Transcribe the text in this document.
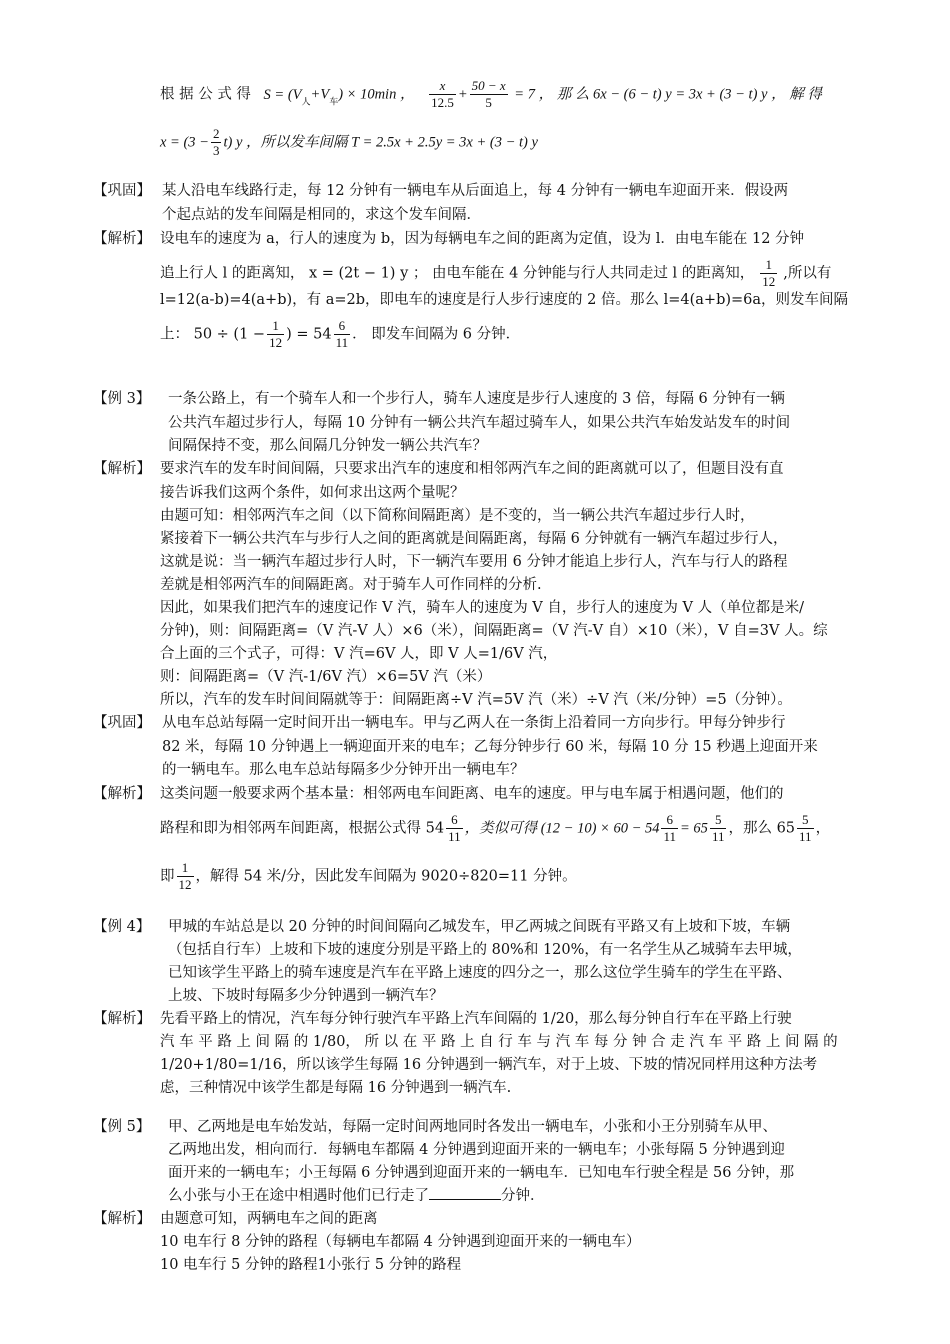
根 据 公 式 得 $S = (V_人+V_车) \times 10\min$ ， $\frac{x}{12.5} + \frac{50 - x}{5} = 7$ ， 那 么 6x − (6 − t) y = 3x + (3 − t) y ， 解 得
$x = (3 - \frac{2}{3} t)$ y ，所以发车间隔 T = 2.5x + 2.5y = 3x + (3 − t) y
【巩固】 某人沿电车线路行走，每 12 分钟有一辆电车从后面追上，每 4 分钟有一辆电车迎面开来．假设两
个起点站的发车间隔是相同的，求这个发车间隔．
【解析】 设电车的速度为 a，行人的速度为 b，因为每辆电车之间的距离为定值，设为 l．由电车能在 12 分钟
追上行人 l 的距离知， x = (2t − 1) y ； 由电车能在 4 分钟能与行人共同走过 l 的距离知， $\frac{1}{12}$ ,所以有
l=12(a-b)=4(a+b)，有 a=2b，即电车的速度是行人步行速度的 2 倍。那么 l=4(a+b)=6a，则发车间隔
上： $50 \div (1 - \frac{1}{12}$ ) = $54 \frac{6}{11}$ ． 即发车间隔为 6 分钟．
【例 3】 一条公路上，有一个骑车人和一个步行人，骑车人速度是步行人速度的 3 倍，每隔 6 分钟有一辆
公共汽车超过步行人，每隔 10 分钟有一辆公共汽车超过骑车人，如果公共汽车始发站发车的时间
间隔保持不变，那么间隔几分钟发一辆公共汽车？
【解析】 要求汽车的发车时间间隔，只要求出汽车的速度和相邻两汽车之间的距离就可以了，但题目没有直
接告诉我们这两个条件，如何求出这两个量呢？
由题可知：相邻两汽车之间（以下简称间隔距离）是不变的，当一辆公共汽车超过步行人时，
紧接着下一辆公共汽车与步行人之间的距离就是间隔距离，每隔 6 分钟就有一辆汽车超过步行人，
这就是说：当一辆汽车超过步行人时，下一辆汽车要用 6 分钟才能追上步行人，汽车与行人的路程
差就是相邻两汽车的间隔距离。对于骑车人可作同样的分析.
因此，如果我们把汽车的速度记作 V 汽，骑车人的速度为 V 自，步行人的速度为 V 人（单位都是米/
分钟)，则：间隔距离=（V 汽-V 人）×6（米），间隔距离=（V 汽-V 自）×10（米），V 自=3V 人。综
合上面的三个式子，可得：V 汽=6V 人，即 V 人=1/6V 汽，
则：间隔距离=（V 汽-1/6V 汽）×6=5V 汽（米）
所以，汽车的发车时间间隔就等于：间隔距离÷V 汽=5V 汽（米）÷V 汽（米/分钟）=5（分钟）。
【巩固】 从电车总站每隔一定时间开出一辆电车。甲与乙两人在一条街上沿着同一方向步行。甲每分钟步行
82 米，每隔 10 分钟遇上一辆迎面开来的电车；乙每分钟步行 60 米，每隔 10 分 15 秒遇上迎面开来
的一辆电车。那么电车总站每隔多少分钟开出一辆电车？
【解析】 这类问题一般要求两个基本量：相邻两电车间距离、电车的速度。甲与电车属于相遇问题，他们的
路程和即为相邻两车间距离，根据公式得 $54 \frac{6}{11}$ ，类似可得 $(12 - 10) \times 60 - 54 \frac{6}{11} = 65 \frac{5}{11}$ ，那么 $65 \frac{5}{11}$ ，
即 $\frac{1}{12}$ ，解得 54 米/分，因此发车间隔为 9020÷820=11 分钟。
【例 4】 甲城的车站总是以 20 分钟的时间间隔向乙城发车，甲乙两城之间既有平路又有上坡和下坡，车辆
（包括自行车）上坡和下坡的速度分别是平路上的 80%和 120%，有一名学生从乙城骑车去甲城，
已知该学生平路上的骑车速度是汽车在平路上速度的四分之一，那么这位学生骑车的学生在平路、
上坡、下坡时每隔多少分钟遇到一辆汽车？
【解析】 先看平路上的情况，汽车每分钟行驶汽车平路上汽车间隔的 1/20，那么每分钟自行车在平路上行驶
汽 车 平 路 上 间 隔 的 1/80， 所 以 在 平 路 上 自 行 车 与 汽 车 每 分 钟 合 走 汽 车 平 路 上 间 隔 的
1/20+1/80=1/16，所以该学生每隔 16 分钟遇到一辆汽车，对于上坡、下坡的情况同样用这种方法考
虑，三种情况中该学生都是每隔 16 分钟遇到一辆汽车.
【例 5】 甲、乙两地是电车始发站，每隔一定时间两地同时各发出一辆电车，小张和小王分别骑车从甲、
乙两地出发，相向而行．每辆电车都隔 4 分钟遇到迎面开来的一辆电车；小张每隔 5 分钟遇到迎
面开来的一辆电车；小王每隔 6 分钟遇到迎面开来的一辆电车．已知电车行驶全程是 56 分钟，那
么小张与小王在途中相遇时他们已行走了	分钟．
【解析】 由题意可知，两辆电车之间的距离
10 电车行 8 分钟的路程（每辆电车都隔 4 分钟遇到迎面开来的一辆电车）
10 电车行 5 分钟的路程1小张行 5 分钟的路程
